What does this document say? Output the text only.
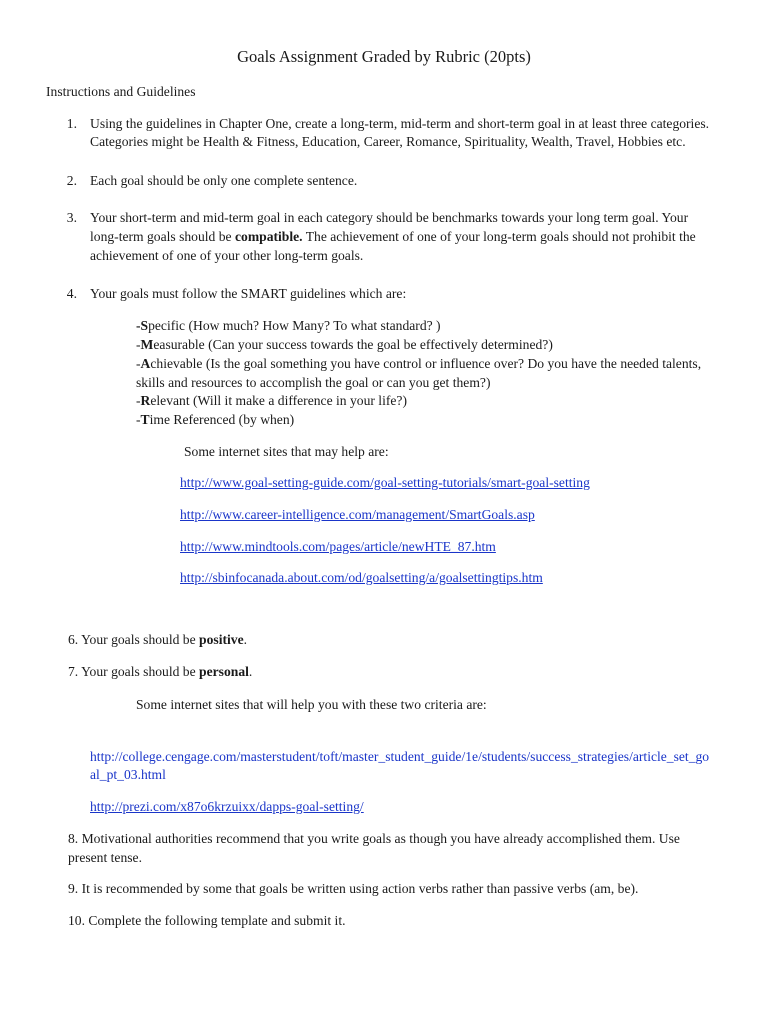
Goals Assignment Graded by Rubric (20pts)
Instructions and Guidelines
1. Using the guidelines in Chapter One, create a long-term, mid-term and short-term goal in at least three categories.
Categories might be Health & Fitness, Education, Career, Romance, Spirituality, Wealth, Travel, Hobbies etc.
2. Each goal should be only one complete sentence.
3. Your short-term and mid-term goal in each category should be benchmarks towards your long term goal. Your
long-term goals should be compatible. The achievement of one of your long-term goals should not prohibit the
achievement of one of your other long-term goals.
4. Your goals must follow the SMART guidelines which are:
-Specific (How much? How Many? To what standard? )
-Measurable (Can your success towards the goal be effectively determined?)
-Achievable (Is the goal something you have control or influence over? Do you have the needed talents,
skills and resources to accomplish the goal or can you get them?)
-Relevant (Will it make a difference in your life?)
-Time Referenced (by when)
Some internet sites that may help are:
http://www.goal-setting-guide.com/goal-setting-tutorials/smart-goal-setting
http://www.career-intelligence.com/management/SmartGoals.asp
http://www.mindtools.com/pages/article/newHTE_87.htm
http://sbinfocanada.about.com/od/goalsetting/a/goalsettingtips.htm
6. Your goals should be positive.
7. Your goals should be personal.
Some internet sites that will help you with these two criteria are:
http://college.cengage.com/masterstudent/toft/master_student_guide/1e/students/success_strategies/article_set_go
al_pt_03.html
http://prezi.com/x87o6krzuixx/dapps-goal-setting/
8. Motivational authorities recommend that you write goals as though you have already accomplished them. Use
present tense.
9. It is recommended by some that goals be written using action verbs rather than passive verbs (am, be).
10. Complete the following template and submit it.
